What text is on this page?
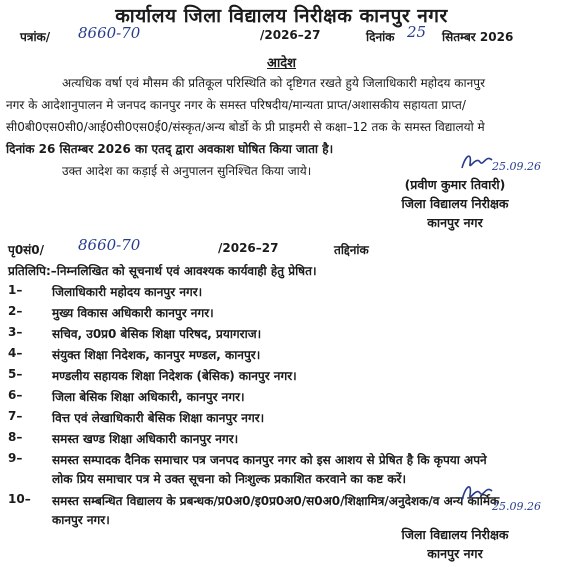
कार्यालय जिला विद्यालय निरीक्षक कानपुर नगर
पत्रांक/ 8660-70	/2026–27	दिनांक 25 सितम्बर 2026
आदेश
अत्यधिक वर्षा एवं मौसम की प्रतिकूल परिस्थिति को दृष्टिगत रखते हुये जिलाधिकारी महोदय कानपुर
नगर के आदेशानुपालन मे जनपद कानपुर नगर के समस्त परिषदीय/मान्यता प्राप्त/अशासकीय सहायता प्राप्त/
सी0बी0एस0सी0/आई0सी0एस0ई0/संस्कृत/अन्य बोर्डो के प्री प्राइमरी से कक्षा–12 तक के समस्त विद्यालयो मे
दिनांक 26 सितम्बर 2026 का एतद् द्वारा अवकाश घोषित किया जाता है।
उक्त आदेश का कड़ाई से अनुपालन सुनिश्चित किया जाये।	25.09.26
(प्रवीण कुमार तिवारी)
जिला विद्यालय निरीक्षक
कानपुर नगर
पृ0सं0/ 8660-70	/2026–27	तद्दिनांक
प्रतिलिपि:–निम्नलिखित को सूचनार्थ एवं आवश्यक कार्यवाही हेतु प्रेषित।
1– जिलाधिकारी महोदय कानपुर नगर।
2– मुख्य विकास अधिकारी कानपुर नगर।
3– सचिव, उ0प्र0 बेसिक शिक्षा परिषद, प्रयागराज।
4– संयुक्त शिक्षा निदेशक, कानपुर मण्डल, कानपुर।
5– मण्डलीय सहायक शिक्षा निदेशक (बेसिक) कानपुर नगर।
6– जिला बेसिक शिक्षा अधिकारी, कानपुर नगर।
7– वित्त एवं लेखाधिकारी बेसिक शिक्षा कानपुर नगर।
8– समस्त खण्ड शिक्षा अधिकारी कानपुर नगर।
9– समस्त सम्पादक दैनिक समाचार पत्र जनपद कानपुर नगर को इस आशय से प्रेषित है कि कृपया अपने
लोक प्रिय समाचार पत्र मे उक्त सूचना को निःशुल्क प्रकाशित करवाने का कष्ट करें।
10– समस्त सम्बन्धित विद्यालय के प्रबन्धक/प्र0अ0/इ0प्र0अ0/स0अ0/शिक्षामित्र/अनुदेशक/व अन्य कार्मिक
कानपुर नगर।
25.09.26
जिला विद्यालय निरीक्षक
कानपुर नगर
